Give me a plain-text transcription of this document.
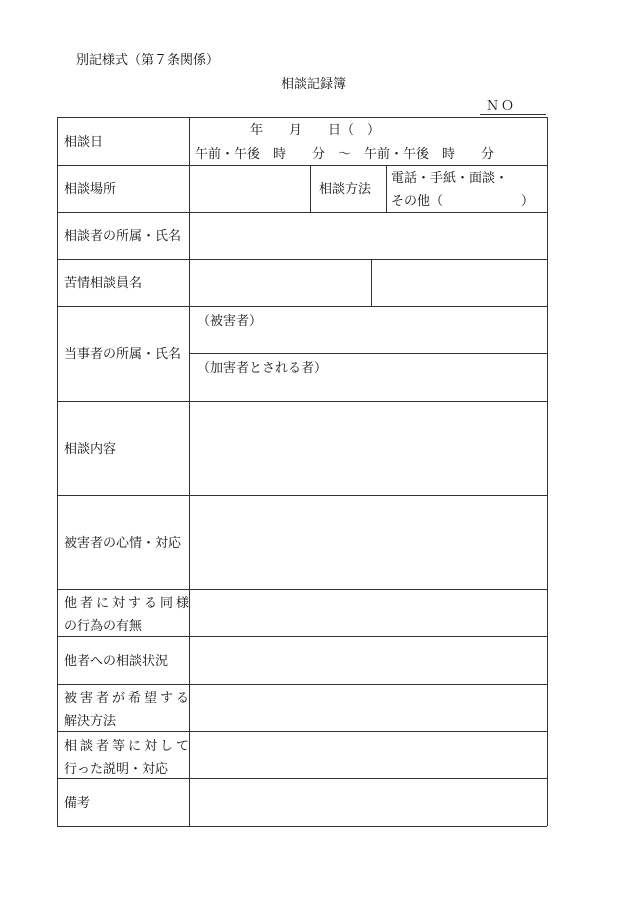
別記様式（第７条関係）
相談記録簿
ＮＯ
相談日
年　　月　　日（　）
午前・午後　時　　分　～　午前・午後　時　　分
相談場所	相談方法
電話・手紙・面談・
その他（　　　　　　）
相談者の所属・氏名
苦情相談員名
当事者の所属・氏名
（被害者）
（加害者とされる者）
相談内容
被害者の心情・対応
他者に対する同様
の行為の有無
他者への相談状況
被害者が希望する
解決方法
相談者等に対して
行った説明・対応
備考
